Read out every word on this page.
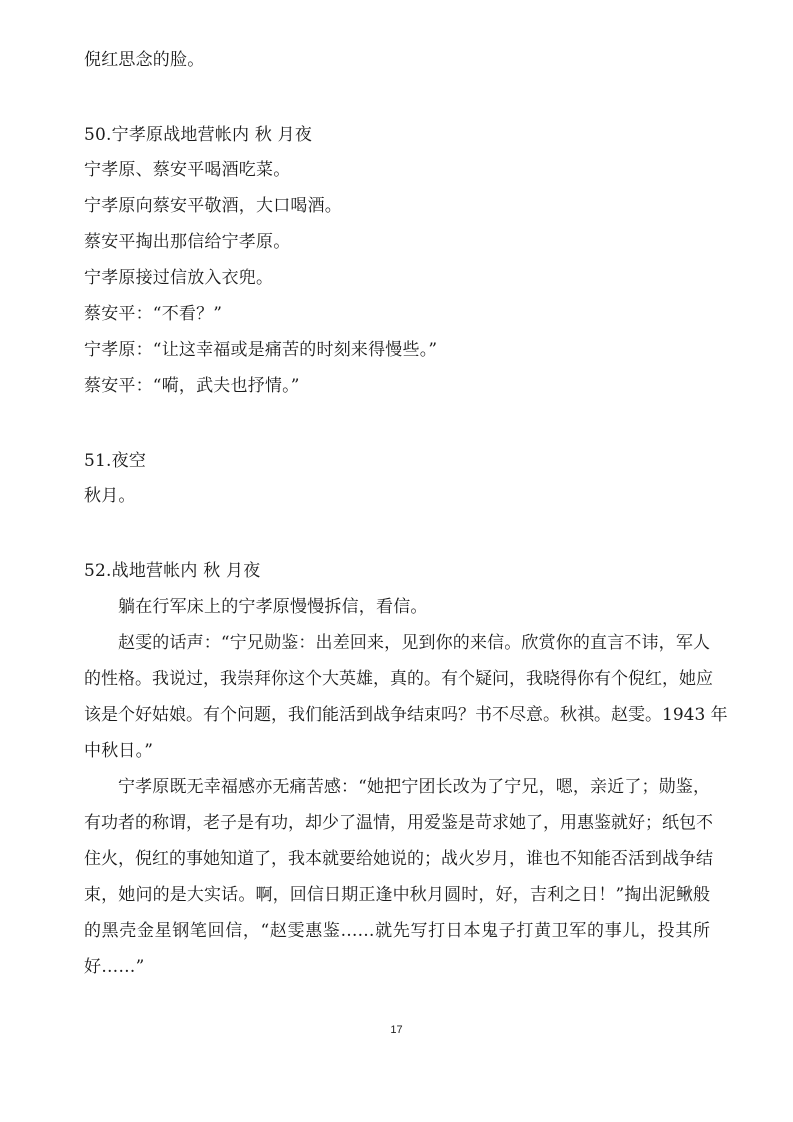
倪红思念的脸。
50.宁孝原战地营帐内 秋 月夜
宁孝原、蔡安平喝酒吃菜。
宁孝原向蔡安平敬酒，大口喝酒。
蔡安平掏出那信给宁孝原。
宁孝原接过信放入衣兜。
蔡安平：“不看？”
宁孝原：“让这幸福或是痛苦的时刻来得慢些。”
蔡安平：“嗬，武夫也抒情。”
51.夜空
秋月。
52.战地营帐内 秋 月夜
躺在行军床上的宁孝原慢慢拆信，看信。
赵雯的话声：“宁兄勋鉴：出差回来，见到你的来信。欣赏你的直言不讳，军人
的性格。我说过，我崇拜你这个大英雄，真的。有个疑问，我晓得你有个倪红，她应
该是个好姑娘。有个问题，我们能活到战争结束吗？书不尽意。秋祺。赵雯。1943 年
中秋日。”
宁孝原既无幸福感亦无痛苦感：“她把宁团长改为了宁兄，嗯，亲近了；勋鉴，
有功者的称谓，老子是有功，却少了温情，用爱鉴是苛求她了，用惠鉴就好；纸包不
住火，倪红的事她知道了，我本就要给她说的；战火岁月，谁也不知能否活到战争结
束，她问的是大实话。啊，回信日期正逢中秋月圆时，好，吉利之日！”掏出泥鳅般
的黑壳金星钢笔回信，“赵雯惠鉴……就先写打日本鬼子打黄卫军的事儿，投其所
好……”
17
